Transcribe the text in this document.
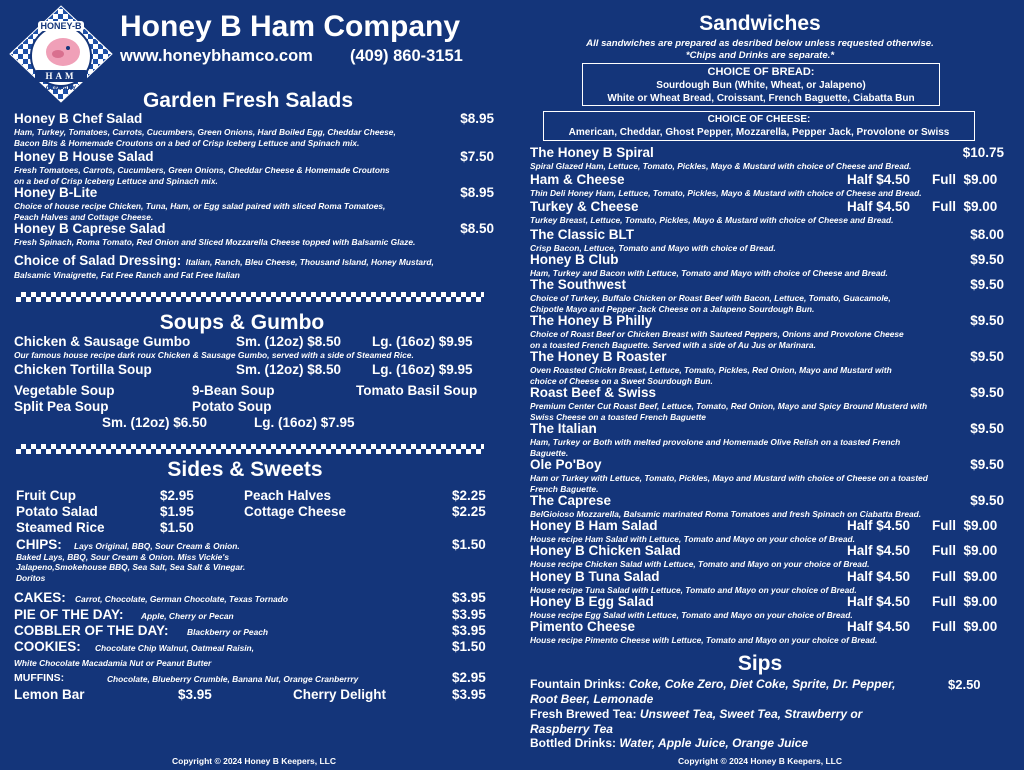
HONEY-B
HAM
COMPANY
Honey B Ham Company
www.honeybhamco.com (409) 860-3151
Garden Fresh Salads
Honey B Chef Salad	$8.95
Ham, Turkey, Tomatoes, Carrots, Cucumbers, Green Onions, Hard Boiled Egg, Cheddar Cheese,
Bacon Bits & Homemade Croutons on a bed of Crisp Iceberg Lettuce and Spinach mix.
Honey B House Salad	$7.50
Fresh Tomatoes, Carrots, Cucumbers, Green Onions, Cheddar Cheese & Homemade Croutons
on a bed of Crisp Iceberg Lettuce and Spinach mix.
Honey B-Lite	$8.95
Choice of house recipe Chicken, Tuna, Ham, or Egg salad paired with sliced Roma Tomatoes,
Peach Halves and Cottage Cheese.
Honey B Caprese Salad	$8.50
Fresh Spinach, Roma Tomato, Red Onion and Sliced Mozzarella Cheese topped with Balsamic Glaze.
Choice of Salad Dressing: Italian, Ranch, Bleu Cheese, Thousand Island, Honey Mustard,
Balsamic Vinaigrette, Fat Free Ranch and Fat Free Italian
Soups & Gumbo
Chicken & Sausage Gumbo	Sm. (12oz) $8.50 Lg. (16oz) $9.95
Our famous house recipe dark roux Chicken & Sausage Gumbo, served with a side of Steamed Rice.
Chicken Tortilla Soup	Sm. (12oz) $8.50 Lg. (16oz) $9.95
Vegetable Soup	9-Bean Soup	Tomato Basil Soup
Split Pea Soup	Potato Soup
Sm. (12oz) $6.50	Lg. (16oz) $7.95
Sides & Sweets
Fruit Cup	$2.95	Peach Halves	$2.25
Potato Salad	$1.95	Cottage Cheese	$2.25
Steamed Rice	$1.50
CHIPS: Lays Original, BBQ, Sour Cream & Onion.	$1.50
Baked Lays, BBQ, Sour Cream & Onion. Miss Vickie's
Jalapeno,Smokehouse BBQ, Sea Salt, Sea Salt & Vinegar.
Doritos
CAKES: Carrot, Chocolate, German Chocolate, Texas Tornado	$3.95
PIE OF THE DAY: Apple, Cherry or Pecan	$3.95
COBBLER OF THE DAY: Blackberry or Peach	$3.95
COOKIES: Chocolate Chip Walnut, Oatmeal Raisin,	$1.50
White Chocolate Macadamia Nut or Peanut Butter
MUFFINS:	Chocolate, Blueberry Crumble, Banana Nut, Orange Cranberrry	$2.95
Lemon Bar	$3.95	Cherry Delight	$3.95
Copyright © 2024 Honey B Keepers, LLC
Sandwiches
All sandwiches are prepared as desribed below unless requested otherwise.
*Chips and Drinks are separate.*
CHOICE OF BREAD:
Sourdough Bun (White, Wheat, or Jalapeno)
White or Wheat Bread, Croissant, French Baguette, Ciabatta Bun
CHOICE OF CHEESE:
American, Cheddar, Ghost Pepper, Mozzarella, Pepper Jack, Provolone or Swiss
The Honey B Spiral	$10.75
Spiral Glazed Ham, Lettuce, Tomato, Pickles, Mayo & Mustard with choice of Cheese and Bread.
Ham & Cheese	Half $4.50 Full  $9.00
Thin Deli Honey Ham, Lettuce, Tomato, Pickles, Mayo & Mustard with choice of Cheese and Bread.
Turkey & Cheese	Half $4.50 Full  $9.00
Turkey Breast, Lettuce, Tomato, Pickles, Mayo & Mustard with choice of Cheese and Bread.
The Classic BLT	$8.00
Crisp Bacon, Lettuce, Tomato and Mayo with choice of Bread.
Honey B Club	$9.50
Ham, Turkey and Bacon with Lettuce, Tomato and Mayo with choice of Cheese and Bread.
The Southwest	$9.50
Choice of Turkey, Buffalo Chicken or Roast Beef with Bacon, Lettuce, Tomato, Guacamole,
Chipotle Mayo and Pepper Jack Cheese on a Jalapeno Sourdough Bun.
The Honey B Philly	$9.50
Choice of Roast Beef or Chicken Breast with Sauteed Peppers, Onions and Provolone Cheese
on a toasted French Baguette. Served with a side of Au Jus or Marinara.
The Honey B Roaster	$9.50
Oven Roasted Chickn Breast, Lettuce, Tomato, Pickles, Red Onion, Mayo and Mustard with
choice of Cheese on a Sweet Sourdough Bun.
Roast Beef & Swiss	$9.50
Premium Center Cut Roast Beef, Lettuce, Tomato, Red Onion, Mayo and Spicy Bround Musterd with
Swiss Cheese on a toasted French Baguette
The Italian	$9.50
Ham, Turkey or Both with melted provolone and Homemade Olive Relish on a toasted French
Baguette.
Ole Po'Boy	$9.50
Ham or Turkey with Lettuce, Tomato, Pickles, Mayo and Mustard with choice of Cheese on a toasted
French Baguette.
The Caprese	$9.50
BelGioioso Mozzarella, Balsamic marinated Roma Tomatoes and fresh Spinach on Ciabatta Bread.
Honey B Ham Salad	Half $4.50 Full  $9.00
House recipe Ham Salad with Lettuce, Tomato and Mayo on your choice of Bread.
Honey B Chicken Salad	Half $4.50 Full  $9.00
House recipe Chicken Salad with Lettuce, Tomato and Mayo on your choice of Bread.
Honey B Tuna Salad	Half $4.50 Full  $9.00
House recipe Tuna Salad with Lettuce, Tomato and Mayo on your choice of Bread.
Honey B Egg Salad	Half $4.50 Full  $9.00
House recipe Egg Salad with Lettuce, Tomato and Mayo on your choice of Bread.
Pimento Cheese	Half $4.50 Full  $9.00
House recipe Pimento Cheese with Lettuce, Tomato and Mayo on your choice of Bread.
Sips
Fountain Drinks: Coke, Coke Zero, Diet Coke, Sprite, Dr. Pepper,
Root Beer, Lemonade
$2.50
Fresh Brewed Tea: Unsweet Tea, Sweet Tea, Strawberry or
Raspberry Tea
Bottled Drinks: Water, Apple Juice, Orange Juice
Copyright © 2024 Honey B Keepers, LLC
